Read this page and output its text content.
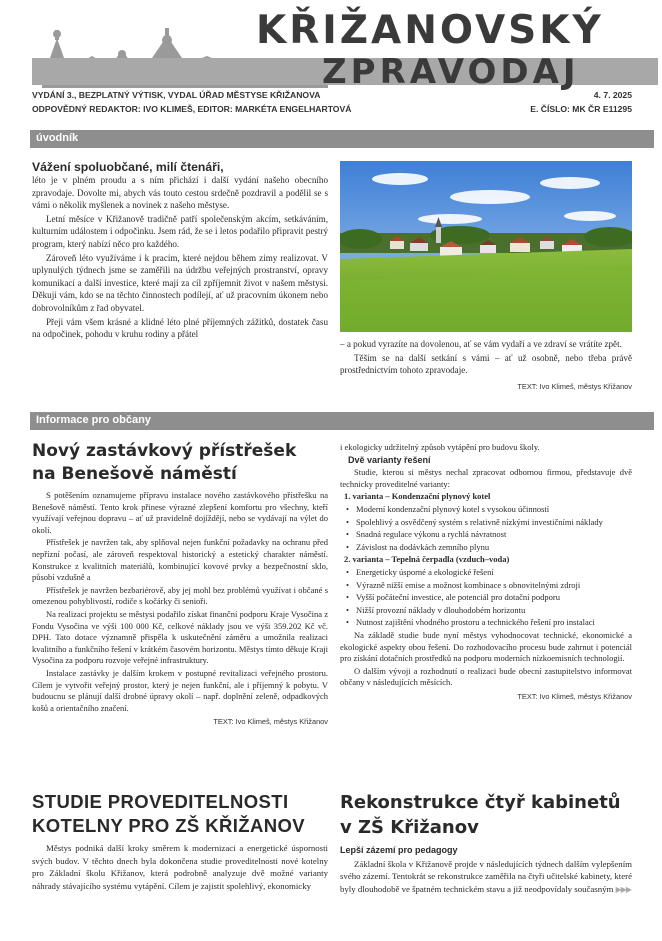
KŘIŽANOVSKÝ
ZPRAVODAJ
VYDÁNÍ 3., BEZPLATNÝ VÝTISK, VYDAL ÚŘAD MĚSTYSE KŘIŽANOVA
ODPOVĚDNÝ REDAKTOR: IVO KLIMEŠ, EDITOR: MARKÉTA ENGELHARTOVÁ
4. 7. 2025
E. ČÍSLO: MK ČR E11295
úvodník
Vážení spoluobčané, milí čtenáři,

léto je v plném proudu a s ním přichází i další vydání našeho obecního zpravodaje. Dovolte mi, abych vás touto cestou srdečně pozdravil a podělil se s vámi o několik myšlenek a novinek z našeho městyse.

Letní měsíce v Křižanově tradičně patří společenským akcím, setkáváním, kulturním událostem i odpočinku. Jsem rád, že se i letos podařilo připravit pestrý program, který nabízí něco pro každého.

Zároveň léto využíváme i k pracím, které nejdou během zimy realizovat. V uplynulých týdnech jsme se zaměřili na údržbu veřejných prostranství, opravy komunikací a další investice, které mají za cíl zpříjemnit život v našem městysi. Děkuji vám, kdo se na těchto činnostech podílejí, ať už pracovním úkonem nebo dobrovolníkům z řad obyvatel.

Přeji vám všem krásné a klidné léto plné příjemných zážitků, dostatek času na odpočinek, pohodu v kruhu rodiny a přátel

– a pokud vyrazíte na dovolenou, ať se vám vydaří a ve zdraví se vrátíte zpět.

Těším se na další setkání s vámi – ať už osobně, nebo třeba právě prostřednictvím tohoto zpravodaje.

TEXT: Ivo Klimeš, městys Křižanov

Informace pro občany
Nový zastávkový přístřešek
na Benešově náměstí

S potěšením oznamujeme přípravu instalace nového zastávkového přístřešku na Benešově náměstí. Tento krok přinese výrazné zlepšení komfortu pro všechny, kteří využívají veřejnou dopravu – ať už pravidelně dojíždějí, nebo se vydávají na výlet do okolí.

Přístřešek je navržen tak, aby splňoval nejen funkční požadavky na ochranu před nepřízní počasí, ale zároveň respektoval historický a estetický charakter náměstí. Konstrukce z kvalitních materiálů, kombinující kovové prvky a bezpečnostní sklo, působí vzdušně a

Přístřešek je navržen bezbariérově, aby jej mohl bez problémů využívat i občané s omezenou pohyblivostí, rodiče s kočárky či senioři.

Na realizaci projektu se městysi podařilo získat finanční podporu Kraje Vysočina z Fondu Vysočina ve výši 100 000 Kč, celkové náklady jsou ve výši 359.202 Kč vč. DPH. Tato dotace významně přispěla k uskutečnění záměru a umožnila realizaci kvalitního a funkčního řešení v krátkém časovém horizontu. Městys tímto děkuje Kraji Vysočina za podporu rozvoje veřejné infrastruktury.

Instalace zastávky je dalším krokem v postupné revitalizaci veřejného prostoru. Cílem je vytvořit veřejný prostor, který je nejen funkční, ale i příjemný k pobytu. V budoucnu se plánují další drobné úpravy okolí – např. doplnění zeleně, odpadkových košů a orientačního značení.

TEXT: Ivo Klimeš, městys Křižanov

STUDIE PROVEDITELNOSTI
KOTELNY PRO ZŠ KŘIŽANOV

Městys podniká další kroky směrem k modernizaci a energetické úspornosti svých budov. V těchto dnech byla dokončena studie proveditelnosti nové kotelny pro Základní školu Křižanov, která podrobně analyzuje dvě možné varianty náhrady stávajícího systému vytápění. Cílem je zajistit spolehlivý, ekonomicky

i ekologicky udržitelný způsob vytápění pro budovu školy.

Dvě varianty řešení

Studie, kterou si městys nechal zpracovat odbornou firmou, představuje dvě technicky proveditelné varianty:

1. varianta – Kondenzační plynový kotel

• Moderní kondenzační plynový kotel s vysokou účinností

• Spolehlivý a osvědčený systém s relativně nízkými investičními náklady

• Snadná regulace výkonu a rychlá návratnost

• Závislost na dodávkách zemního plynu

2. varianta – Tepelná čerpadla (vzduch–voda)

• Energeticky úsporné a ekologické řešení

• Výrazně nižší emise a možnost kombinace s obnovitelnými zdroji

• Vyšší počáteční investice, ale potenciál pro dotační podporu

• Nižší provozní náklady v dlouhodobém horizontu

• Nutnost zajištění vhodného prostoru a technického řešení pro instalaci

Na základě studie bude nyní městys vyhodnocovat technické, ekonomické a ekologické aspekty obou řešení. Do rozhodovacího procesu bude zahrnut i potenciál pro získání dotačních prostředků na podporu moderních nízkoemisních technologií.

O dalším vývoji a rozhodnutí o realizaci bude obecní zastupitelstvo informovat občany v následujících měsících.

TEXT: Ivo Klimeš, městys Křižanov

Rekonstrukce čtyř kabinetů
v ZŠ Křižanov

Lepší zázemí pro pedagogy

Základní škola v Křižanově projde v následujících týdnech dalším vylepšením svého zázemí. Tentokrát se rekonstrukce zaměřila na čtyři učitelské kabinety, které byly dlouhodobě ve špatném technickém stavu a již neodpovídaly současným ▶▶▶
